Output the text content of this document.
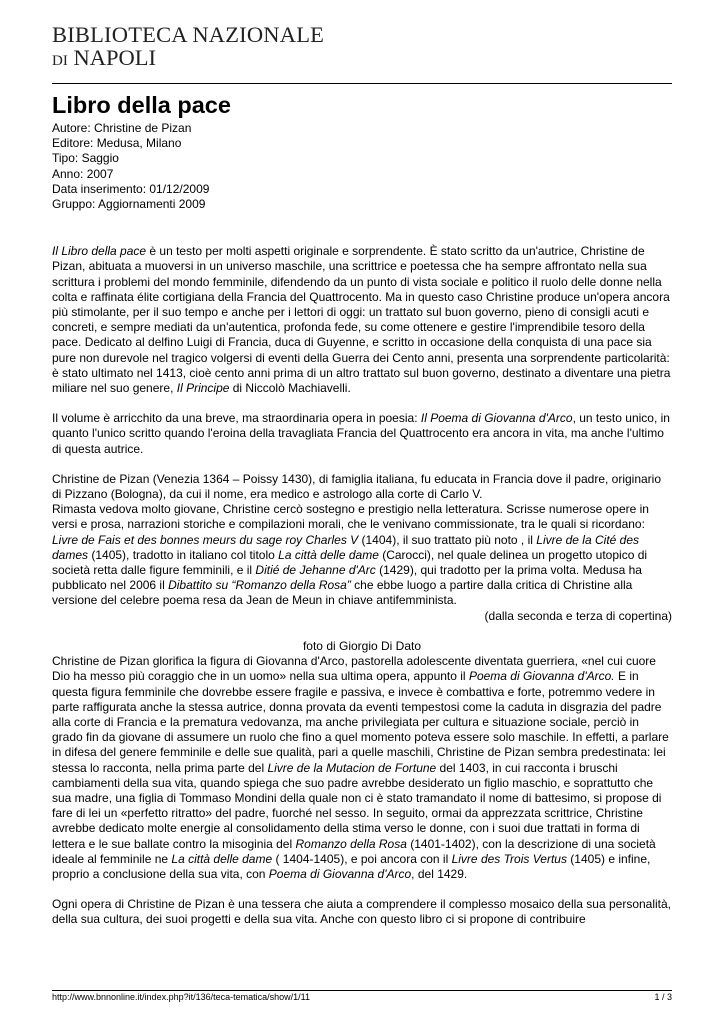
BIBLIOTECA NAZIONALE
DI NAPOLI
Libro della pace
Autore: Christine de Pizan
Editore: Medusa, Milano
Tipo: Saggio
Anno: 2007
Data inserimento: 01/12/2009
Gruppo: Aggiornamenti 2009

Il Libro della pace è un testo per molti aspetti originale e sorprendente. È stato scritto da un'autrice, Christine de Pizan, abituata a muoversi in un universo maschile, una scrittrice e poetessa che ha sempre affrontato nella sua scrittura i problemi del mondo femminile, difendendo da un punto di vista sociale e politico il ruolo delle donne nella colta e raffinata élite cortigiana della Francia del Quattrocento. Ma in questo caso Christine produce un'opera ancora più stimolante, per il suo tempo e anche per i lettori di oggi: un trattato sul buon governo, pieno di consigli acuti e concreti, e sempre mediati da un'autentica, profonda fede, su come ottenere e gestire l'imprendibile tesoro della pace. Dedicato al delfino Luigi di Francia, duca di Guyenne, e scritto in occasione della conquista di una pace sia pure non durevole nel tragico volgersi di eventi della Guerra dei Cento anni, presenta una sorprendente particolarità: è stato ultimato nel 1413, cioè cento anni prima di un altro trattato sul buon governo, destinato a diventare una pietra miliare nel suo genere, Il Principe di Niccolò Machiavelli.

Il volume è arricchito da una breve, ma straordinaria opera in poesia: Il Poema di Giovanna d'Arco, un testo unico, in quanto l'unico scritto quando l'eroina della travagliata Francia del Quattrocento era ancora in vita, ma anche l'ultimo di questa autrice.

Christine de Pizan (Venezia 1364 – Poissy 1430), di famiglia italiana, fu educata in Francia dove il padre, originario di Pizzano (Bologna), da cui il nome, era medico e astrologo alla corte di Carlo V.

Rimasta vedova molto giovane, Christine cercò sostegno e prestigio nella letteratura. Scrisse numerose opere in versi e prosa, narrazioni storiche e compilazioni morali, che le venivano commissionate, tra le quali si ricordano: Livre de Fais et des bonnes meurs du sage roy Charles V (1404), il suo trattato più noto , il Livre de la Cité des dames (1405), tradotto in italiano col titolo La città delle dame (Carocci), nel quale delinea un progetto utopico di società retta dalle figure femminili, e il Ditié de Jehanne d'Arc (1429), qui tradotto per la prima volta. Medusa ha pubblicato nel 2006 il Dibattito su “Romanzo della Rosa” che ebbe luogo a partire dalla critica di Christine alla versione del celebre poema resa da Jean de Meun in chiave antifemminista.

(dalla seconda e terza di copertina)
foto di Giorgio Di Dato

Christine de Pizan glorifica la figura di Giovanna d'Arco, pastorella adolescente diventata guerriera, «nel cui cuore Dio ha messo più coraggio che in un uomo» nella sua ultima opera, appunto il Poema di Giovanna d'Arco. E in questa figura femminile che dovrebbe essere fragile e passiva, e invece è combattiva e forte, potremmo vedere in parte raffigurata anche la stessa autrice, donna provata da eventi tempestosi come la caduta in disgrazia del padre alla corte di Francia e la prematura vedovanza, ma anche privilegiata per cultura e situazione sociale, perciò in grado fin da giovane di assumere un ruolo che fino a quel momento poteva essere solo maschile. In effetti, a parlare in difesa del genere femminile e delle sue qualità, pari a quelle maschili, Christine de Pizan sembra predestinata: lei stessa lo racconta, nella prima parte del Livre de la Mutacion de Fortune del 1403, in cui racconta i bruschi cambiamenti della sua vita, quando spiega che suo padre avrebbe desiderato un figlio maschio, e soprattutto che sua madre, una figlia di Tommaso Mondini della quale non ci è stato tramandato il nome di battesimo, si propose di fare di lei un «perfetto ritratto» del padre, fuorché nel sesso. In seguito, ormai da apprezzata scrittrice, Christine avrebbe dedicato molte energie al consolidamento della stima verso le donne, con i suoi due trattati in forma di lettera e le sue ballate contro la misoginia del Romanzo della Rosa (1401-1402), con la descrizione di una società ideale al femminile ne La città delle dame ( 1404-1405), e poi ancora con il Livre des Trois Vertus (1405) e infine, proprio a conclusione della sua vita, con Poema di Giovanna d'Arco, del 1429.

Ogni opera di Christine de Pizan è una tessera che aiuta a comprendere il complesso mosaico della sua personalità, della sua cultura, dei suoi progetti e della sua vita. Anche con questo libro ci si propone di contribuire

http://www.bnnonline.it/index.php?it/136/teca-tematica/show/1/11	1 / 3
